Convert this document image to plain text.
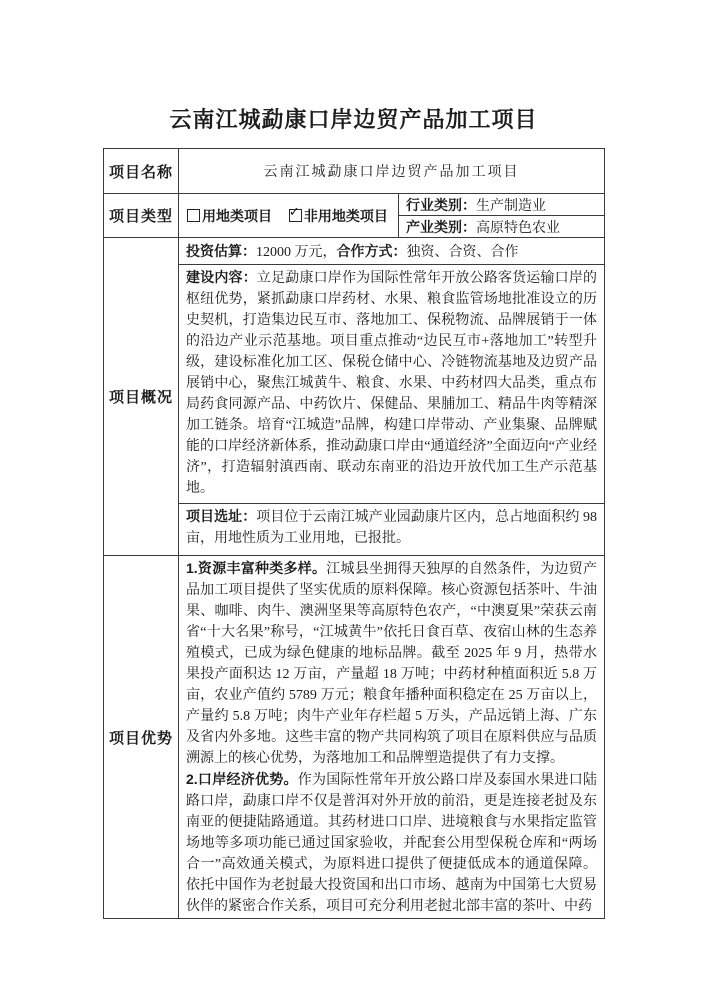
云南江城勐康口岸边贸产品加工项目
项目名称	云南江城勐康口岸边贸产品加工项目	
项目类型	用地类项目 ✓ 非用地类项目	行业类别：生产制造业
		产业类别：高原特色农业
项目概况	投资估算：12000 万元，合作方式：独资、合资、合作	

	建设内容：立足勐康口岸作为国际性常年开放公路客货运输口岸的枢纽优势，紧抓勐康口岸药材、水果、粮食监管场地批准设立的历史契机，打造集边民互市、落地加工、保税物流、品牌展销于一体的沿边产业示范基地。项目重点推动“边民互市+落地加工”转型升级，建设标准化加工区、保税仓储中心、冷链物流基地及边贸产品展销中心，聚焦江城黄牛、粮食、水果、中药材四大品类，重点布局药食同源产品、中药饮片、保健品、果脯加工、精品牛肉等精深加工链条。培育“江城造”品牌，构建口岸带动、产业集聚、品牌赋能的口岸经济新体系，推动勐康口岸由“通道经济”全面迈向“产业经济”，打造辐射滇西南、联动东南亚的沿边开放代加工生产示范基地。	

	项目选址：项目位于云南江城产业园勐康片区内，总占地面积约 98 亩，用地性质为工业用地，已报批。	

项目优势	1.资源丰富种类多样。江城县坐拥得天独厚的自然条件，为边贸产品加工项目提供了坚实优质的原料保障。核心资源包括茶叶、牛油果、咖啡、肉牛、澳洲坚果等高原特色农产，“中澳夏果”荣获云南省“十大名果”称号，“江城黄牛”依托日食百草、夜宿山林的生态养殖模式，已成为绿色健康的地标品牌。截至 2025 年 9 月，热带水果投产面积达 12 万亩，产量超 18 万吨；中药材种植面积近 5.8 万亩，农业产值约 5789 万元；粮食年播种面积稳定在 25 万亩以上，产量约 5.8 万吨；肉牛产业年存栏超 5 万头，产品远销上海、广东及省内外多地。这些丰富的物产共同构筑了项目在原料供应与品质溯源上的核心优势，为落地加工和品牌塑造提供了有力支撑。

2.口岸经济优势。作为国际性常年开放公路口岸及泰国水果进口陆路口岸，勐康口岸不仅是普洱对外开放的前沿，更是连接老挝及东南亚的便捷陆路通道。其药材进口口岸、进境粮食与水果指定监管场地等多项功能已通过国家验收，并配套公用型保税仓库和“两场合一”高效通关模式，为原料进口提供了便捷低成本的通道保障。依托中国作为老挝最大投资国和出口市场、越南为中国第七大贸易伙伴的紧密合作关系，项目可充分利用老挝北部丰富的茶叶、中药	
